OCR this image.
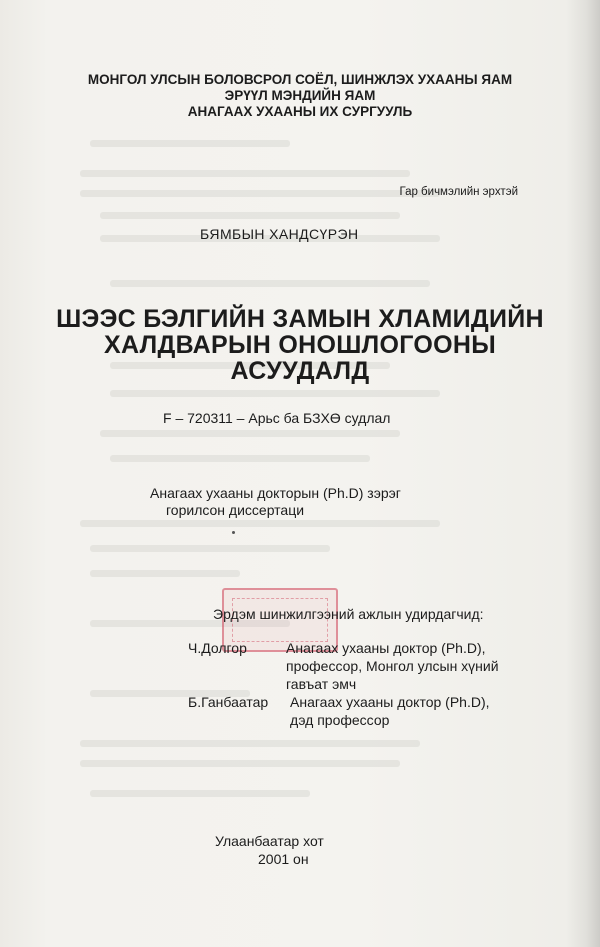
МОНГОЛ УЛСЫН БОЛОВСРОЛ СОЁЛ, ШИНЖЛЭХ УХААНЫ ЯАМ
ЭРҮҮЛ МЭНДИЙН ЯАМ
АНАГААХ УХААНЫ ИХ СУРГУУЛЬ
Гар бичмэлийн эрхтэй
БЯМБЫН ХАНДСҮРЭН
ШЭЭС БЭЛГИЙН ЗАМЫН ХЛАМИДИЙН
ХАЛДВАРЫН ОНОШЛОГООНЫ
АСУУДАЛД
F – 720311 – Арьс ба БЗХӨ судлал
Анагаах ухааны докторын (Ph.D) зэрэг
горилсон диссертаци
Эрдэм шинжилгээний ажлын удирдагчид:
Ч.Долгор	Анагаах ухааны доктор (Ph.D),
профессор, Монгол улсын хүний
гавъат эмч
Б.Ганбаатар Анагаах ухааны доктор (Ph.D),
дэд профессор
Улаанбаатар хот
2001 он
